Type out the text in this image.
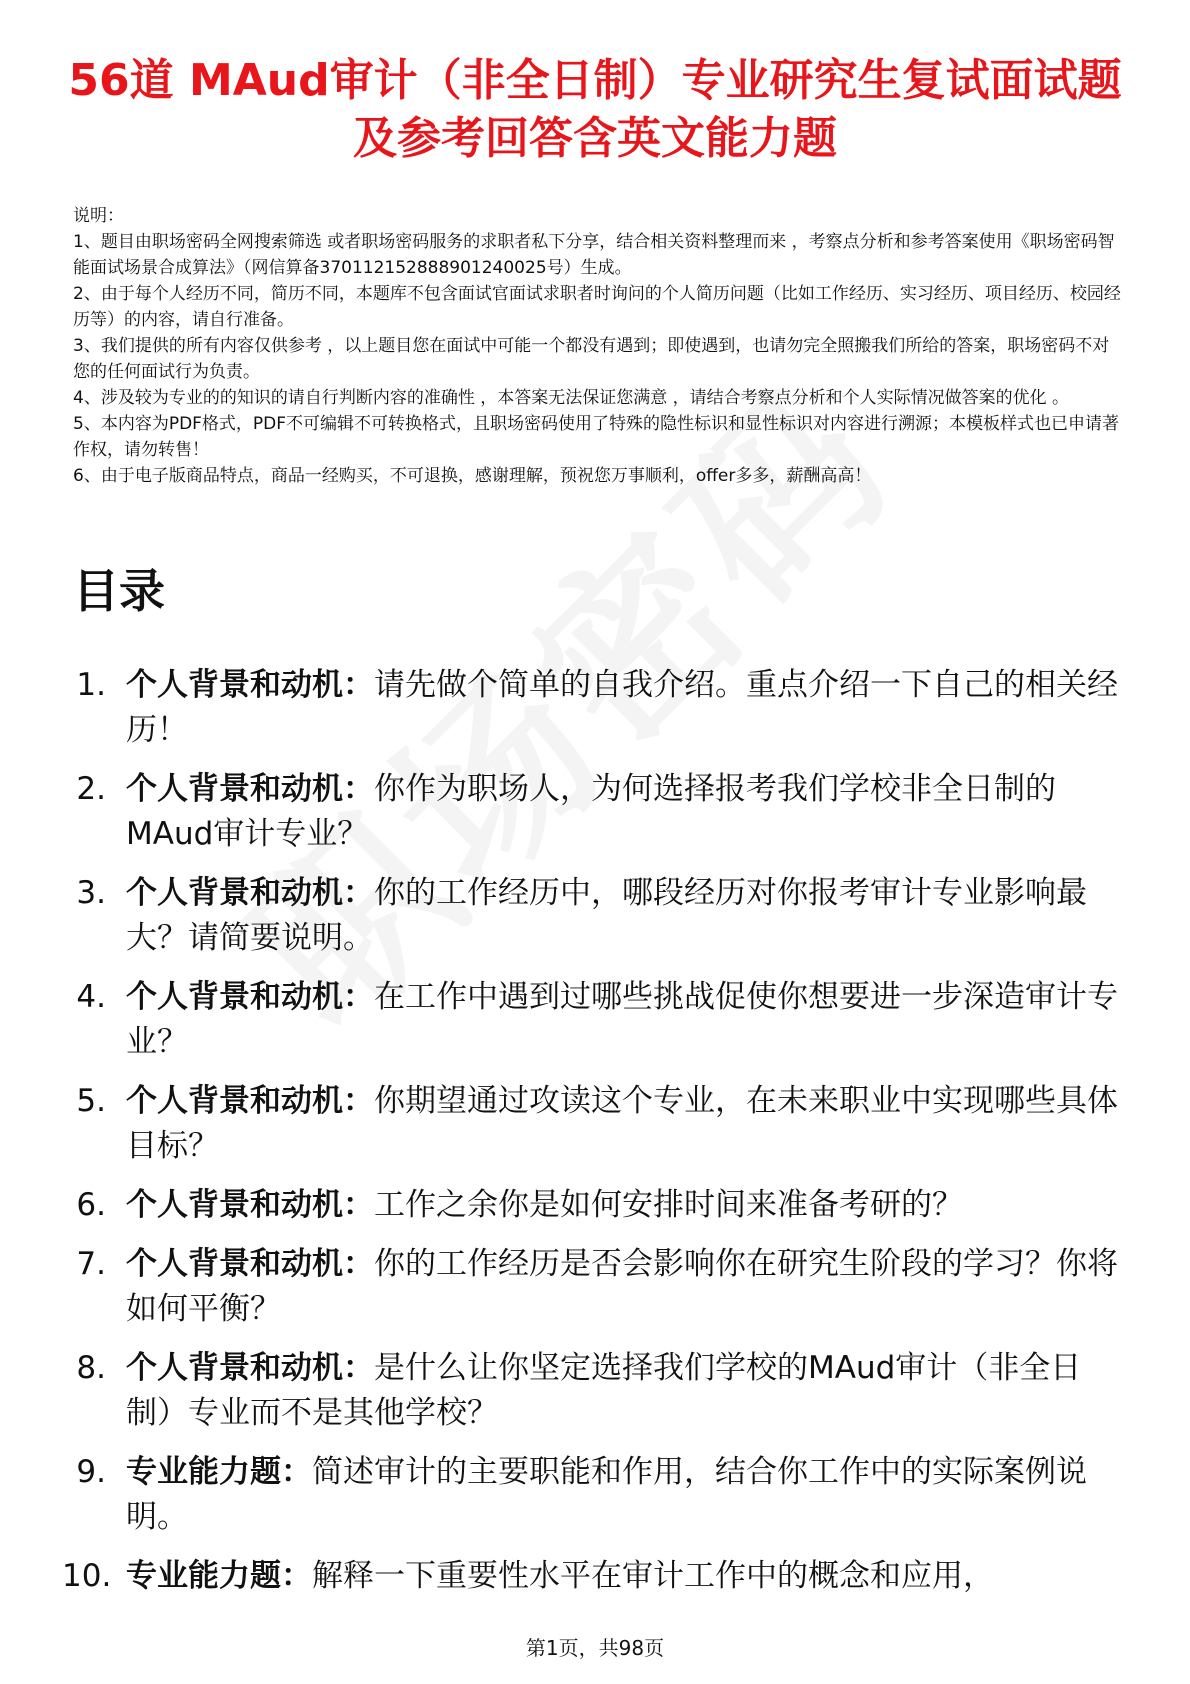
56道 MAud审计（非全日制）专业研究生复试面试题及参考回答含英文能力题

说明：

1、题目由职场密码全网搜索筛选 或者职场密码服务的求职者私下分享，结合相关资料整理而来 ，考察点分析和参考答案使用《职场密码智能面试场景合成算法》（网信算备370112152888901240025号）生成。

2、由于每个人经历不同，简历不同，本题库不包含面试官面试求职者时询问的个人简历问题（比如工作经历、实习经历、项目经历、校园经历等）的内容，请自行准备。

3、我们提供的所有内容仅供参考 ，以上题目您在面试中可能一个都没有遇到；即使遇到，也请勿完全照搬我们所给的答案，职场密码不对您的任何面试行为负责。

4、涉及较为专业的的知识的请自行判断内容的准确性 ，本答案无法保证您满意 ，请结合考察点分析和个人实际情况做答案的优化 。

5、本内容为PDF格式，PDF不可编辑不可转换格式，且职场密码使用了特殊的隐性标识和显性标识对内容进行溯源；本模板样式也已申请著作权，请勿转售！

6、由于电子版商品特点，商品一经购买，不可退换，感谢理解，预祝您万事顺利，offer多多，薪酬高高！

目录
1. 个人背景和动机：请先做个简单的自我介绍。重点介绍一下自己的相关经历！
2. 个人背景和动机：你作为职场人，为何选择报考我们学校非全日制的MAud审计专业？
3. 个人背景和动机：你的工作经历中，哪段经历对你报考审计专业影响最大？请简要说明。
4. 个人背景和动机：在工作中遇到过哪些挑战促使你想要进一步深造审计专业？
5. 个人背景和动机：你期望通过攻读这个专业，在未来职业中实现哪些具体目标？
6. 个人背景和动机：工作之余你是如何安排时间来准备考研的？
7. 个人背景和动机：你的工作经历是否会影响你在研究生阶段的学习？你将如何平衡？
8. 个人背景和动机：是什么让你坚定选择我们学校的MAud审计（非全日制）专业而不是其他学校？
9. 专业能力题：简述审计的主要职能和作用，结合你工作中的实际案例说明。
10. 专业能力题：解释一下重要性水平在审计工作中的概念和应用，
第1页，共98页
